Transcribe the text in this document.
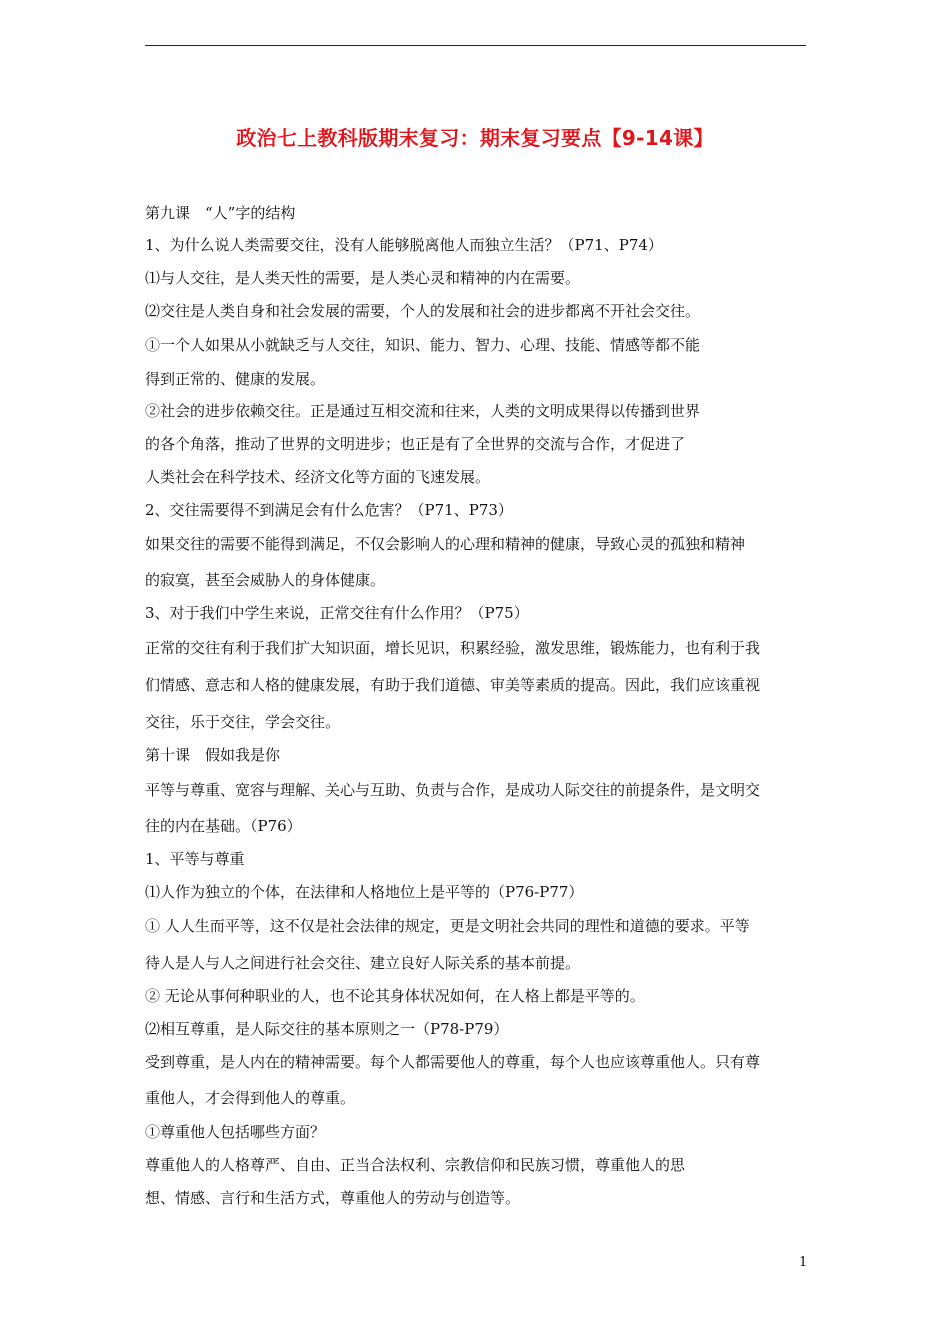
政治七上教科版期末复习：期末复习要点【9-14课】
第九课　“人”字的结构
1、为什么说人类需要交往，没有人能够脱离他人而独立生活？（P71、P74）
⑴与人交往，是人类天性的需要，是人类心灵和精神的内在需要。
⑵交往是人类自身和社会发展的需要，个人的发展和社会的进步都离不开社会交往。
①一个人如果从小就缺乏与人交往，知识、能力、智力、心理、技能、情感等都不能
得到正常的、健康的发展。
②社会的进步依赖交往。正是通过互相交流和往来，人类的文明成果得以传播到世界
的各个角落，推动了世界的文明进步；也正是有了全世界的交流与合作，才促进了
人类社会在科学技术、经济文化等方面的飞速发展。
2、交往需要得不到满足会有什么危害？（P71、P73）
如果交往的需要不能得到满足，不仅会影响人的心理和精神的健康，导致心灵的孤独和精神
的寂寞，甚至会威胁人的身体健康。
3、对于我们中学生来说，正常交往有什么作用？（P75）
正常的交往有利于我们扩大知识面，增长见识，积累经验，激发思维，锻炼能力，也有利于我
们情感、意志和人格的健康发展，有助于我们道德、审美等素质的提高。因此，我们应该重视
交往，乐于交往，学会交往。
第十课　假如我是你
平等与尊重、宽容与理解、关心与互助、负责与合作，是成功人际交往的前提条件，是文明交
往的内在基础。（P76）
1、平等与尊重
⑴人作为独立的个体，在法律和人格地位上是平等的（P76-P77）
① 人人生而平等，这不仅是社会法律的规定，更是文明社会共同的理性和道德的要求。平等
待人是人与人之间进行社会交往、建立良好人际关系的基本前提。
② 无论从事何种职业的人，也不论其身体状况如何，在人格上都是平等的。
⑵相互尊重，是人际交往的基本原则之一（P78-P79）
受到尊重，是人内在的精神需要。每个人都需要他人的尊重，每个人也应该尊重他人。只有尊
重他人，才会得到他人的尊重。
①尊重他人包括哪些方面？
尊重他人的人格尊严、自由、正当合法权利、宗教信仰和民族习惯，尊重他人的思
想、情感、言行和生活方式，尊重他人的劳动与创造等。
1
